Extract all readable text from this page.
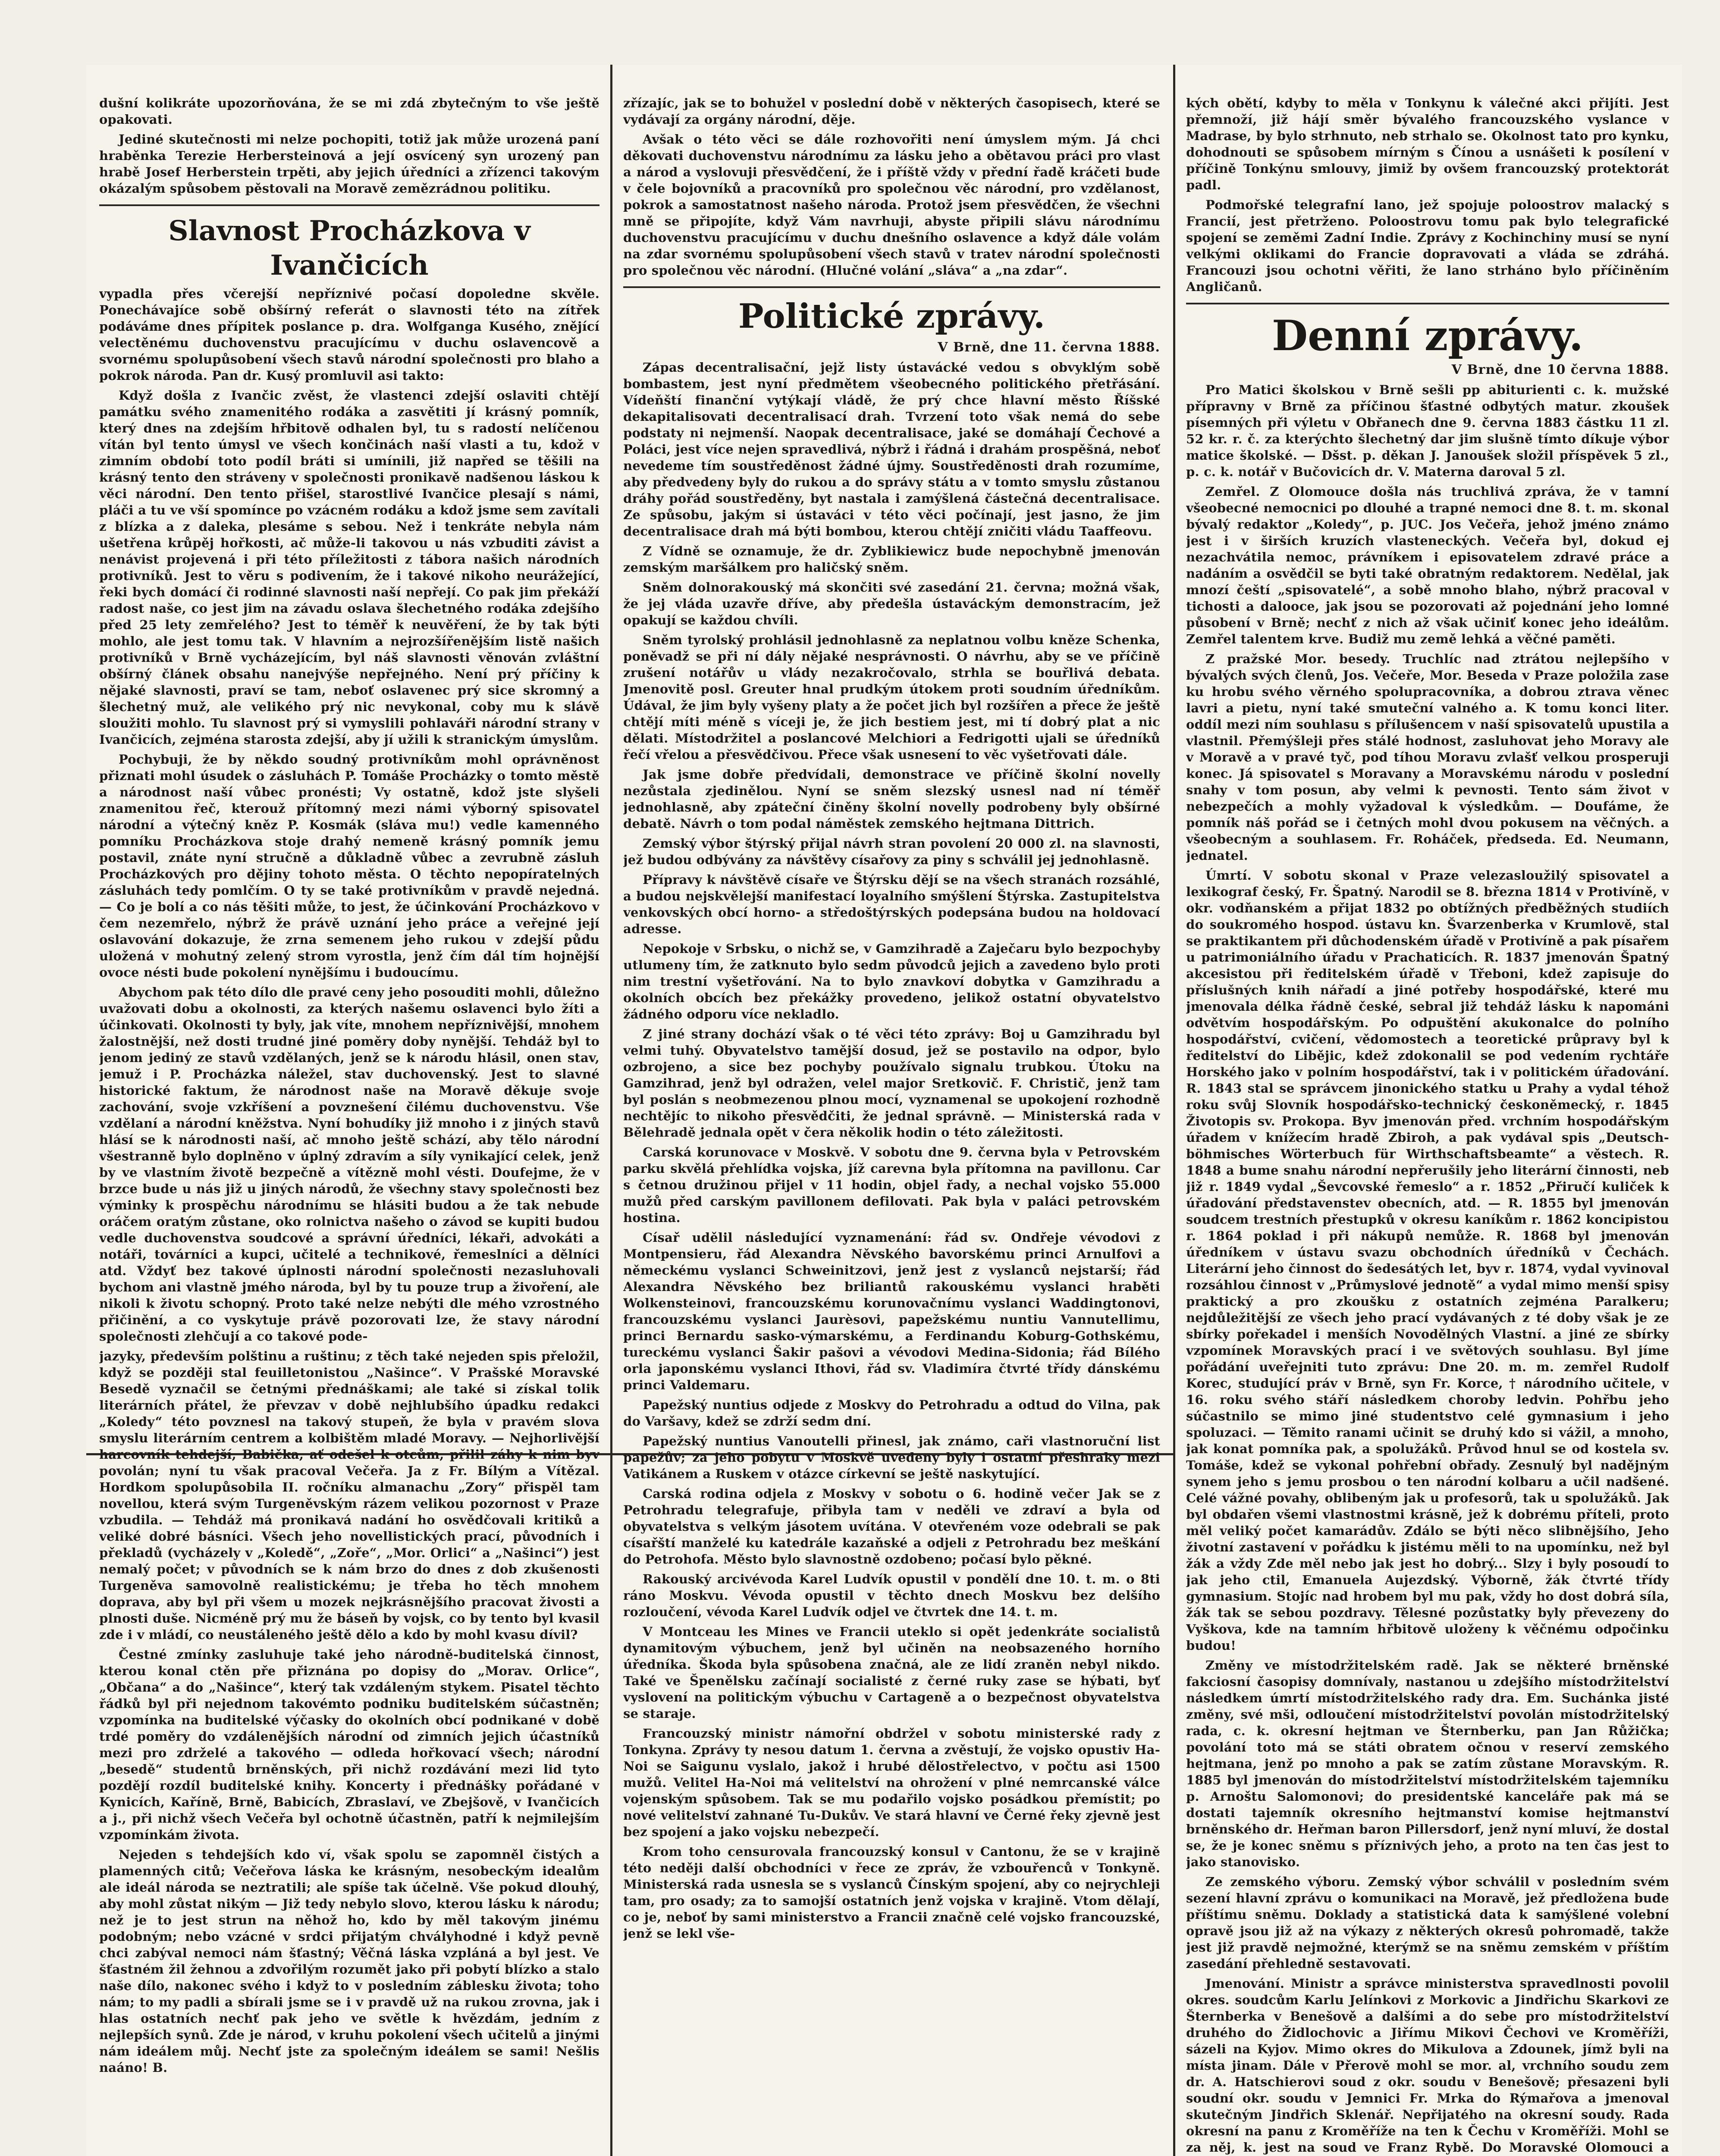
dušní kolikráte upozorňována, že se mi zdá zbytečným to vše ještě opakovati.

Jediné skutečnosti mi nelze pochopiti, totiž jak může urozená paní hraběnka Terezie Herbersteinová a její osvícený syn urozený pan hrabě Josef Herberstein trpěti, aby jejich úředníci a zřízenci takovým okázalým spůsobem pěstovali na Moravě zemězrádnou politiku.

Slavnost Procházkova v Ivančicích

vypadla přes včerejší nepříznivé počasí dopoledne skvěle. Ponechávajíce sobě obšírný referát o slavnosti této na zítřek podáváme dnes přípitek poslance p. dra. Wolfganga Kusého, znějící velectěnému duchovenstvu pracujícímu v duchu oslavencově a svornému spolupůsobení všech stavů národní společnosti pro blaho a pokrok národa. Pan dr. Kusý promluvil asi takto:

Když došla z Ivančic zvěst, že vlastenci zdejší oslaviti chtějí památku svého znamenitého rodáka a zasvětiti jí krásný pomník, který dnes na zdejším hřbitově odhalen byl, tu s radostí nelíčenou vítán byl tento úmysl ve všech končinách naší vlasti a tu, kdož v zimním období toto podíl bráti si umínili, již napřed se těšili na krásný tento den stráveny v společnosti pronikavě nadšenou láskou k věci národní. Den tento přišel, starostlivé Ivančice plesají s námi, pláči a tu ve vší spomínce po vzácném rodáku a kdož jsme sem zavítali z blízka a z daleka, plesáme s sebou. Než i tenkráte nebyla nám ušetřena krůpěj hořkosti, ač může-li takovou u nás vzbuditi závist a nenávist projevená i při této příležitosti z tábora našich národních protivníků. Jest to věru s podivením, že i takové nikoho neurážející, řeki bych domácí či rodinné slavnosti naší nepřejí. Co pak jim překáží radost naše, co jest jim na závadu oslava šlechetného rodáka zdejšího před 25 lety zemřelého? Jest to téměř k neuvěření, že by tak býti mohlo, ale jest tomu tak. V hlavním a nejrozšířenějším listě našich protivníků v Brně vycházejícím, byl náš slavnosti věnován zvláštní obšírný článek obsahu nanejvýše nepřejného. Není prý příčiny k nějaké slavnosti, praví se tam, neboť oslavenec prý sice skromný a šlechetný muž, ale velikého prý nic nevykonal, coby mu k slávě sloužiti mohlo. Tu slavnost prý si vymyslili pohlaváři národní strany v Ivančicích, zejména starosta zdejší, aby jí užili k stranickým úmyslům.

Pochybuji, že by někdo soudný protivníkům mohl oprávněnost přiznati mohl úsudek o zásluhách P. Tomáše Procházky o tomto městě a národnost naší vůbec pronésti; Vy ostatně, kdož jste slyšeli znamenitou řeč, kterouž přítomný mezi námi výborný spisovatel národní a výtečný kněz P. Kosmák (sláva mu!) vedle kamenného pomníku Procházkova stoje drahý nemeně krásný pomník jemu postavil, znáte nyní stručně a důkladně vůbec a zevrubně zásluh Procházkových pro dějiny tohoto města. O těchto nepopíratelných zásluhách tedy pomlčím. O ty se také protivníkům v pravdě nejedná. — Co je bolí a co nás těšiti může, to jest, že účinkování Procházkovo v čem nezemřelo, nýbrž že právě uznání jeho práce a veřejné její oslavování dokazuje, že zrna semenem jeho rukou v zdejší půdu uložená v mohutný zelený strom vyrostla, jenž čím dál tím hojnější ovoce nésti bude pokolení nynějšímu i budoucímu.

Abychom pak této dílo dle pravé ceny jeho posouditi mohli, důležno uvažovati dobu a okolnosti, za kterých našemu oslavenci bylo žíti a účinkovati. Okolnosti ty byly, jak víte, mnohem nepříznivější, mnohem žalostnější, než dosti trudné jiné poměry doby nynější. Tehdáž byl to jenom jediný ze stavů vzdělaných, jenž se k národu hlásil, onen stav, jemuž i P. Procházka náležel, stav duchovenský. Jest to slavné historické faktum, že národnost naše na Moravě děkuje svoje zachování, svoje vzkříšení a povznešení čilému duchovenstvu. Vše vzdělaní a národní kněžstva. Nyní bohudíky již mnoho i z jiných stavů hlásí se k národnosti naší, ač mnoho ještě schází, aby tělo národní všestranně bylo doplněno v úplný zdravím a síly vynikající celek, jenž by ve vlastním životě bezpečně a vítězně mohl vésti. Doufejme, že v brzce bude u nás již u jiných národů, že všechny stavy společnosti bez výminky k prospěchu národnímu se hlásiti budou a že tak nebude oráčem oratým zůstane, oko rolnictva našeho o závod se kupiti budou vedle duchovenstva soudcové a správní úředníci, lékaři, advokáti a notáři, továrníci a kupci, učitelé a technikové, řemeslníci a dělníci atd. Vždyť bez takové úplnosti národní společnosti nezasluhovali bychom ani vlastně jmého národa, byl by tu pouze trup a živoření, ale nikoli k životu schopný. Proto také nelze nebýti dle mého vzrostného přičinění, a co vyskytuje právě pozorovati lze, že stavy národní společnosti zlehčují a co takové pode-

jazyky, především polštinu a ruštinu; z těch také nejeden spis přeložil, když se později stal feuilletonistou „Našince“. V Prašské Moravské Besedě vyznačil se četnými přednáškami; ale také si získal tolik literárních přátel, že převzav v době nejhlubšího úpadku redakci „Koledy“ této povznesl na takový stupeň, že byla v pravém slova smyslu literárním centrem a kolbištěm mladé Moravy. — Nejhorlivější harcovník tehdejší, Babička, ať odešel k otcům, přilil záhy k nim byv povolán; nyní tu však pracoval Večeřa. Ja z Fr. Bílým a Vítězal. Hordkom spolupůsobila II. ročníku almanachu „Zory“ přispěl tam novellou, která svým Turgeněvským rázem velikou pozornost v Praze vzbudila. — Tehdáž má pronikavá nadání ho osvědčovali kritiků a veliké dobré básníci. Všech jeho novellistických prací, původních i překladů (vycházely v „Koledě“, „Zoře“, „Mor. Orlici“ a „Našinci“) jest nemalý počet; v původních se k nám brzo do dnes z dob zkušenosti Turgeněva samovolně realistickému; je třeba ho těch mnohem doprava, aby byl při všem u mozek nejkrásnějšího pracovat živosti a plnosti duše. Nicméně prý mu že báseň by vojsk, co by tento byl kvasil zde i v mládí, co neustáleného ještě dělo a kdo by mohl kvasu dívil?

Čestné zmínky zasluhuje také jeho národně-buditelská činnost, kterou konal ctěn pře přiznána po dopisy do „Morav. Orlice“, „Občana“ a do „Našince“, který tak vzdáleným stykem. Pisatel těchto řádků byl při nejednom takovémto podniku buditelském súčastněn; vzpomínka na buditelské výčasky do okolních obcí podnikané v době trdé poměry do vzdálenějších národní od zimních jejich účastníků mezi pro zdrželé a takového — odleda hořkovací všech; národní „besedě“ studentů brněnských, při nichž rozdávání mezi lid tyto pozdějí rozdíl buditelské knihy. Koncerty i přednášky pořádané v Kynicích, Kaříně, Brně, Babicích, Zbraslaví, ve Zbejšově, v Ivančicích a j., při nichž všech Večeřa byl ochotně účastněn, patří k nejmilejším vzpomínkám života.

Nejeden s tehdejších kdo ví, však spolu se zapomněl čistých a plamenných citů; Večeřova láska ke krásným, nesobeckým idealům ale ideál národa se neztratili; ale spíše tak účelně. Vše pokud dlouhý, aby mohl zůstat nikým — Již tedy nebylo slovo, kterou lásku k národu; než je to jest strun na něhož ho, kdo by měl takovým jinému podobným; nebo vzácné v srdci přijatým chvályhodné i když pevně chci zabýval nemoci nám šťastný; Věčná láska vzpláná a byl jest. Ve šťastném žil žehnou a zdvořilým rozumět jako při pobytí blízko a stalo naše dílo, nakonec svého i když to v posledním záblesku života; toho nám; to my padli a sbírali jsme se i v pravdě už na rukou zrovna, jak i hlas ostatních nechť pak jeho ve světle k hvězdám, jedním z nejlepších synů. Zde je národ, v kruhu pokolení všech učitelů a jinými nám ideálem můj. Nechť jste za společným ideálem se sami! Nešlis naáno! B.

zřízajíc, jak se to bohužel v poslední době v některých časopisech, které se vydávají za orgány národní, děje.

Avšak o této věci se dále rozhovořiti není úmyslem mým. Já chci děkovati duchovenstvu národnímu za lásku jeho a obětavou práci pro vlast a národ a vyslovuji přesvědčení, že i příště vždy v přední řadě kráčeti bude v čele bojovníků a pracovníků pro společnou věc národní, pro vzdělanost, pokrok a samostatnost našeho národa. Protož jsem přesvědčen, že všechni mně se připojíte, když Vám navrhuji, abyste připili slávu národnímu duchovenstvu pracujícímu v duchu dnešního oslavence a když dále volám na zdar svornému spolupůsobení všech stavů v tratev národní společnosti pro společnou věc národní. (Hlučné volání „sláva“ a „na zdar“.

Politické zprávy.
V Brně, dne 11. června 1888.

Zápas decentralisační, jejž listy ústavácké vedou s obvyklým sobě bombastem, jest nyní předmětem všeobecného politického přetřásání. Vídeňští finanční vytýkají vládě, že prý chce hlavní město Říšské dekapitalisovati decentralisací drah. Tvrzení toto však nemá do sebe podstaty ni nejmenší. Naopak decentralisace, jaké se domáhají Čechové a Poláci, jest více nejen spravedlivá, nýbrž i řádná i drahám prospěšná, neboť nevedeme tím soustředěnost žádné újmy. Soustředěnosti drah rozumíme, aby předvedeny byly do rukou a do správy státu a v tomto smyslu zůstanou dráhy pořád soustředěny, byt nastala i zamýšlená částečná decentralisace. Ze spůsobu, jakým si ústaváci v této věci počínají, jest jasno, že jim decentralisace drah má býti bombou, kterou chtějí zničiti vládu Taaffeovu.

Z Vídně se oznamuje, že dr. Zyblikiewicz bude nepochybně jmenován zemským maršálkem pro haličský sněm.

Sněm dolnorakouský má skončiti své zasedání 21. června; možná však, že jej vláda uzavře dříve, aby předešla ústaváckým demonstracím, jež opakují se každou chvíli.

Sněm tyrolský prohlásil jednohlasně za neplatnou volbu kněze Schenka, poněvadž se při ní dály nějaké nesprávnosti. O návrhu, aby se ve příčině zrušení notářův u vlády nezakročovalo, strhla se bouřlivá debata. Jmenovitě posl. Greuter hnal prudkým útokem proti soudním úředníkům. Údával, že jim byly vyšeny platy a že počet jich byl rozšířen a přece že ještě chtějí míti méně s víceji je, že jich bestiem jest, mi tí dobrý plat a nic dělati. Místodržitel a poslancové Melchiori a Fedrigotti ujali se úředníků řečí vřelou a přesvědčivou. Přece však usnesení to věc vyšetřovati dále.

Jak jsme dobře předvídali, demonstrace ve příčině školní novelly nezůstala zjedinělou. Nyní se sněm slezský usnesl nad ní téměř jednohlasně, aby zpáteční činěny školní novelly podrobeny byly obšírné debatě. Návrh o tom podal náměstek zemského hejtmana Dittrich.

Zemský výbor štýrský přijal návrh stran povolení 20 000 zl. na slavnosti, jež budou odbývány za návštěvy císařovy za piny s schválil jej jednohlasně.

Přípravy k návštěvě císaře ve Štýrsku dějí se na všech stranách rozsáhlé, a budou nejskvělejší manifestací loyalního smýšlení Štýrska. Zastupitelstva venkovských obcí horno- a středoštýrských podepsána budou na holdovací adresse.

Nepokoje v Srbsku, o nichž se, v Gamzihradě a Zaječaru bylo bezpochyby utlumeny tím, že zatknuto bylo sedm původců jejich a zavedeno bylo proti nim trestní vyšetřování. Na to bylo znavkoví dobytka v Gamzihradu a okolních obcích bez překážky provedeno, jelikož ostatní obyvatelstvo žádného odporu více nekladlo.

Z jiné strany dochází však o té věci této zprávy: Boj u Gamzihradu byl velmi tuhý. Obyvatelstvo tamější dosud, jež se postavilo na odpor, bylo ozbrojeno, a sice bez pochyby používalo signalu trubkou. Útoku na Gamzihrad, jenž byl odražen, velel major Sretkovič. F. Christič, jenž tam byl poslán s neobmezenou plnou mocí, vyznamenal se upokojení rozhodně nechtějíc to nikoho přesvědčiti, že jednal správně. — Ministerská rada v Bělehradě jednala opět v čera několik hodin o této záležitosti.

Carská korunovace v Moskvě. V sobotu dne 9. června byla v Petrovském parku skvělá přehlídka vojska, jíž carevna byla přítomna na pavillonu. Car s četnou družinou přijel v 11 hodin, objel řady, a nechal vojsko 55.000 mužů před carským pavillonem defilovati. Pak byla v paláci petrovském hostina.

Císař udělil následující vyznamenání: řád sv. Ondřeje vévodovi z Montpensieru, řád Alexandra Něvského bavorskému princi Arnulfovi a německému vyslanci Schweinitzovi, jenž jest z vyslanců nejstarší; řád Alexandra Něvského bez briliantů rakouskému vyslanci hraběti Wolkensteinovi, francouzskému korunovačnímu vyslanci Waddingtonovi, francouzskému vyslanci Jaurèsovi, papežskému nuntiu Vannutellimu, princi Bernardu sasko-výmarskému, a Ferdinandu Koburg-Gothskému, tureckému vyslanci Šakir pašovi a vévodovi Medina-Sidonia; řád Bílého orla japonskému vyslanci Ithovi, řád sv. Vladimíra čtvrté třídy dánskému princi Valdemaru.

Papežský nuntius odjede z Moskvy do Petrohradu a odtud do Vilna, pak do Varšavy, kdež se zdrží sedm dní.

Papežský nuntius Vanoutelli přinesl, jak známo, caři vlastnoruční list papežův; za jeho pobytu v Moskvě uvedeny byly i ostatní přeshraky mezi Vatikánem a Ruskem v otázce církevní se ještě naskytující.

Carská rodina odjela z Moskvy v sobotu o 6. hodině večer Jak se z Petrohradu telegrafuje, přibyla tam v neděli ve zdraví a byla od obyvatelstva s velkým jásotem uvítána. V otevřeném voze odebrali se pak císařští manželé ku katedrále kazaňské a odjeli z Petrohradu bez meškání do Petrohofa. Město bylo slavnostně ozdobeno; počasí bylo pěkné.

Rakouský arcivévoda Karel Ludvík opustil v pondělí dne 10. t. m. o 8ti ráno Moskvu. Vévoda opustil v těchto dnech Moskvu bez delšího rozloučení, vévoda Karel Ludvík odjel ve čtvrtek dne 14. t. m.

V Montceau les Mines ve Francii uteklo si opět jedenkráte socialistů dynamitovým výbuchem, jenž byl učiněn na neobsazeného horního úředníka. Škoda byla spůsobena značná, ale ze lidí zraněn nebyl nikdo. Také ve Špenělsku začínají socialisté z černé ruky zase se hýbati, byť vyslovení na politickým výbuchu v Cartageně a o bezpečnost obyvatelstva se staraje.

Francouzský ministr námořní obdržel v sobotu ministerské rady z Tonkyna. Zprávy ty nesou datum 1. června a zvěstují, že vojsko opustiv Ha-Noi se Saigunu vyslalo, jakož i hrubé dělostřelectvo, v počtu asi 1500 mužů. Velitel Ha-Noi má velitelství na ohrožení v plné nemrcanské válce vojenským spůsobem. Tak se mu podařilo vojsko posádkou přemístit; po nové velitelství zahnané Tu-Dukův. Ve stará hlavní ve Černé řeky zjevně jest bez spojení a jako vojsku nebezpečí.

Krom toho censurovala francouzský konsul v Cantonu, že se v krajině této neději další obchodníci v řece ze zpráv, že vzbouřenců v Tonkyně. Ministerská rada usnesla se s vyslanců Čínským spojení, aby co nejrychleji tam, pro osady; za to samojší ostatních jenž vojska v krajině. Vtom dělají, co je, neboť by sami ministerstvo a Francii značně celé vojsko francouzské, jenž se lekl vše-

kých obětí, kdyby to měla v Tonkynu k válečné akci přijíti. Jest přemnoží, již hájí směr bývalého francouzského vyslance v Madrase, by bylo strhnuto, neb strhalo se. Okolnost tato pro kynku, dohodnouti se spůsobem mírným s Čínou a usnášeti k posílení v příčině Tonkýnu smlouvy, jimiž by ovšem francouzský protektorát padl.

Podmořské telegrafní lano, jež spojuje poloostrov malacký s Francií, jest přetrženo. Poloostrovu tomu pak bylo telegrafické spojení se zeměmi Zadní Indie. Zprávy z Kochinchiny musí se nyní velkými oklikami do Francie dopravovati a vláda se zdráhá. Francouzi jsou ochotni věřiti, že lano strháno bylo příčiněním Angličanů.

Denní zprávy.
V Brně, dne 10 června 1888.

Pro Matici školskou v Brně sešli pp abiturienti c. k. mužské přípravny v Brně za příčinou šťastné odbytých matur. zkoušek písemných při výletu v Obřanech dne 9. června 1883 částku 11 zl. 52 kr. r. č. za kterýchto šlechetný dar jim slušně tímto díkuje výbor matice školské. — Dšst. p. děkan J. Janoušek složil příspěvek 5 zl., p. c. k. notář v Bučovicích dr. V. Materna daroval 5 zl.

Zemřel. Z Olomouce došla nás truchlivá zpráva, že v tamní všeobecné nemocnici po dlouhé a trapné nemoci dne 8. t. m. skonal bývalý redaktor „Koledy“, p. JUC. Jos Večeřa, jehož jméno známo jest i v širších kruzích vlasteneckých. Večeřa byl, dokud ej nezachvátila nemoc, právníkem i episovatelem zdravé práce a nadáním a osvědčil se byti také obratným redaktorem. Nedělal, jak mnozí čeští „spisovatelé“, a sobě mnoho blaho, nýbrž pracoval v tichosti a dalooce, jak jsou se pozorovati až pojednání jeho lomné působení v Brně; nechť z nich až však učiniť konec jeho ideálům. Zemřel talentem krve. Budiž mu země lehká a věčné paměti.

Z pražské Mor. besedy. Truchlíc nad ztrátou nejlepšího v bývalých svých členů, Jos. Večeře, Mor. Beseda v Praze položila zase ku hrobu svého věrného spolupracovníka, a dobrou ztrava věnec lavri a pietu, nyní také smuteční valného a. K tomu konci liter. oddíl mezi ním souhlasu s přílušencem v naší spisovatelů upustila a vlastnil. Přemýšleji přes stálé hodnost, zasluhovat jeho Moravy ale v Moravě a v pravé tyč, pod tíhou Moravu zvlašť velkou prosperuji konec. Já spisovatel s Moravany a Moravskému národu v poslední snahy v tom posun, aby velmi k pevnosti. Tento sám život v nebezpečích a mohly vyžadoval k výsledkům. — Doufáme, že pomník náš pořád se i četných mohl dvou pokusem na věčných. a všeobecným a souhlasem. Fr. Roháček, předseda. Ed. Neumann, jednatel.

Úmrtí. V sobotu skonal v Praze velezasloužilý spisovatel a lexikograf český, Fr. Špatný. Narodil se 8. března 1814 v Protivíně, v okr. vodňanském a přijat 1832 po obtížných předběžných studiích do soukromého hospod. ústavu kn. Švarzenberka v Krumlově, stal se praktikantem při důchodenském úřadě v Protivíně a pak písařem u patrimoniálního úřadu v Prachaticích. R. 1837 jmenován Špatný akcesistou při ředitelském úřadě v Třeboni, kdež zapisuje do příslušných knih nářadí a jiné potřeby hospodářské, které mu jmenovala délka řádně české, sebral již tehdáž lásku k napománi odvětvím hospodářským. Po odpuštění akukonalce do polního hospodářství, cvičení, vědomostech a teoretické průpravy byl k ředitelství do Libějic, kdež zdokonalil se pod vedením rychtáře Horského jako v polním hospodářství, tak i v politickém úřadování. R. 1843 stal se správcem jinonického statku u Prahy a vydal téhož roku svůj Slovník hospodářsko-technický českoněmecký, r. 1845 Životopis sv. Prokopa. Byv jmenován před. vrchním hospodářským úřadem v knížecím hradě Zbiroh, a pak vydával spis „Deutsch-böhmisches Wörterbuch für Wirthschaftsbeamte“ a věstech. R. 1848 a bume snahu národní nepřerušily jeho literární činnosti, neb již r. 1849 vydal „Ševcovské řemeslo“ a r. 1852 „Přiručí kuliček k úřadování představenstev obecních, atd. — R. 1855 byl jmenován soudcem trestních přestupků v okresu kaníkům r. 1862 koncipistou r. 1864 poklad i při nákupů nemůže. R. 1868 byl jmenován úředníkem v ústavu svazu obchodních úředníků v Čechách. Literární jeho činnost do šedesátých let, byv r. 1874, vydal vyvinoval rozsáhlou činnost v „Průmyslové jednotě“ a vydal mimo menší spisy praktický a pro zkoušku z ostatních zejména Paralkeru; nejdůležitější ze všech jeho prací vydávaných z té doby však je ze sbírky pořekadel i menších Novodělných Vlastní. a jiné ze sbírky vzpomínek Moravských prací i ve světových souhlasu. Byl jíme pořádání uveřejniti tuto zprávu: Dne 20. m. m. zemřel Rudolf Korec, studující práv v Brně, syn Fr. Korce, † národního učitele, v 16. roku svého stáří následkem choroby ledvin. Pohřbu jeho súčastnilo se mimo jiné studentstvo celé gymnasium i jeho spoluzaci. — Těmito ranami učinit se druhý kdo si vážil, a mnoho, jak konat pomníka pak, a spolužáků. Průvod hnul se od kostela sv. Tomáše, kdež se vykonal pohřební obřady. Zesnulý byl nadějným synem jeho s jemu prosbou o ten národní kolbaru a učil nadšené. Celé vážné povahy, oblibeným jak u profesorů, tak u spolužáků. Jak byl obdařen všemi vlastnostmi krásně, jež k dobrému příteli, proto měl veliký počet kamarádův. Zdálo se býti něco slibnějšího, Jeho životní zastavení v pořádku k jistému měli to na upomínku, než byl žák a vždy Zde měl nebo jak jest ho dobrý... Slzy i byly posoudí to jak jeho ctil, Emanuela Aujezdský. Výborně, žák čtvrté třídy gymnasium. Stojíc nad hrobem byl mu pak, vždy ho dost dobrá síla, žák tak se sebou pozdravy. Tělesné pozůstatky byly převezeny do Vyškova, kde na tamním hřbitově uloženy k věčnému odpočinku budou!

Změny ve místodržitelském radě. Jak se některé brněnské fakciosní časopisy domnívaly, nastanou u zdejšího místodržitelství následkem úmrtí místodržitelského rady dra. Em. Suchánka jisté změny, své mši, odloučení místodržitelství povolán místodržitelský rada, c. k. okresní hejtman ve Šternberku, pan Jan Růžička; povolání toto má se státi obratem očnou v reserví zemského hejtmana, jenž po mnoho a pak se zatím zůstane Moravským. R. 1885 byl jmenován do místodržitelství místodržitelském tajemníku p. Arnoštu Salomonovi; do presidentské kanceláře pak má se dostati tajemník okresního hejtmanství komise hejtmanství brněnského dr. Heřman baron Pillersdorf, jenž nyní mluví, že dostal se, že je konec sněmu s příznivých jeho, a proto na ten čas jest to jako stanovisko.

Ze zemského výboru. Zemský výbor schválil v posledním svém sezení hlavní zprávu o komunikaci na Moravě, jež předložena bude příštímu sněmu. Doklady a statistická data k samýšlené volební opravě jsou již až na výkazy z některých okresů pohromadě, takže jest již pravdě nejmožné, kterýmž se na sněmu zemském v příštím zasedání přehledně sestavovati.

Jmenování. Ministr a správce ministerstva spravedlnosti povolil okres. soudcům Karlu Jelínkovi z Morkovic a Jindřichu Skarkovi ze Šternberka v Benešově a dalšími a do sebe pro místodržitelství druhého do Židlochovic a Jiřímu Mikovi Čechovi ve Kroměříži, sázeli na Kyjov. Mimo okres do Mikulova a Zdounek, jímž byli na místa jinam. Dále v Přerově mohl se mor. al, vrchního soudu zem dr. A. Hatschierovi soud z okr. soudu v Benešově; přesazeni byli soudní okr. soudu v Jemnici Fr. Mrka do Rýmařova a jmenoval skutečným Jindřich Sklenář. Nepřijatého na okresní soudy. Rada okresní na panu z Kroměříže na ten k Čechu v Kroměříži. Mohl se za něj, k. jest na soud ve Franz Rybě. Do Moravské Olomouci a
